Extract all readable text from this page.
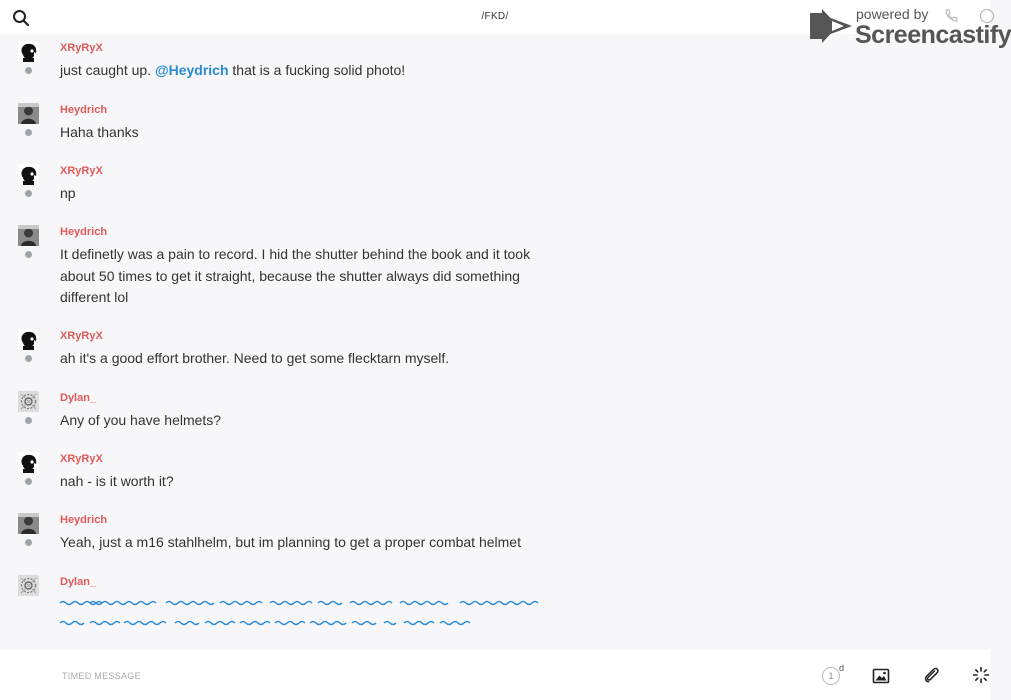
/FKD/	powered by
Screencastify
XRyRyX
just caught up. @Heydrich that is a fucking solid photo!
Heydrich
Haha thanks
XRyRyX
np
Heydrich
It definetly was a pain to record. I hid the shutter behind the book and it took about 50 times to get it straight, because the shutter always did something different lol
XRyRyX
ah it's a good effort brother. Need to get some flecktarn myself.
Dylan_
Any of you have helmets?
XRyRyX
nah - is it worth it?
Heydrich
Yeah, just a m16 stahlhelm, but im planning to get a proper combat helmet
Dylan_
TIMED MESSAGE
1
d
